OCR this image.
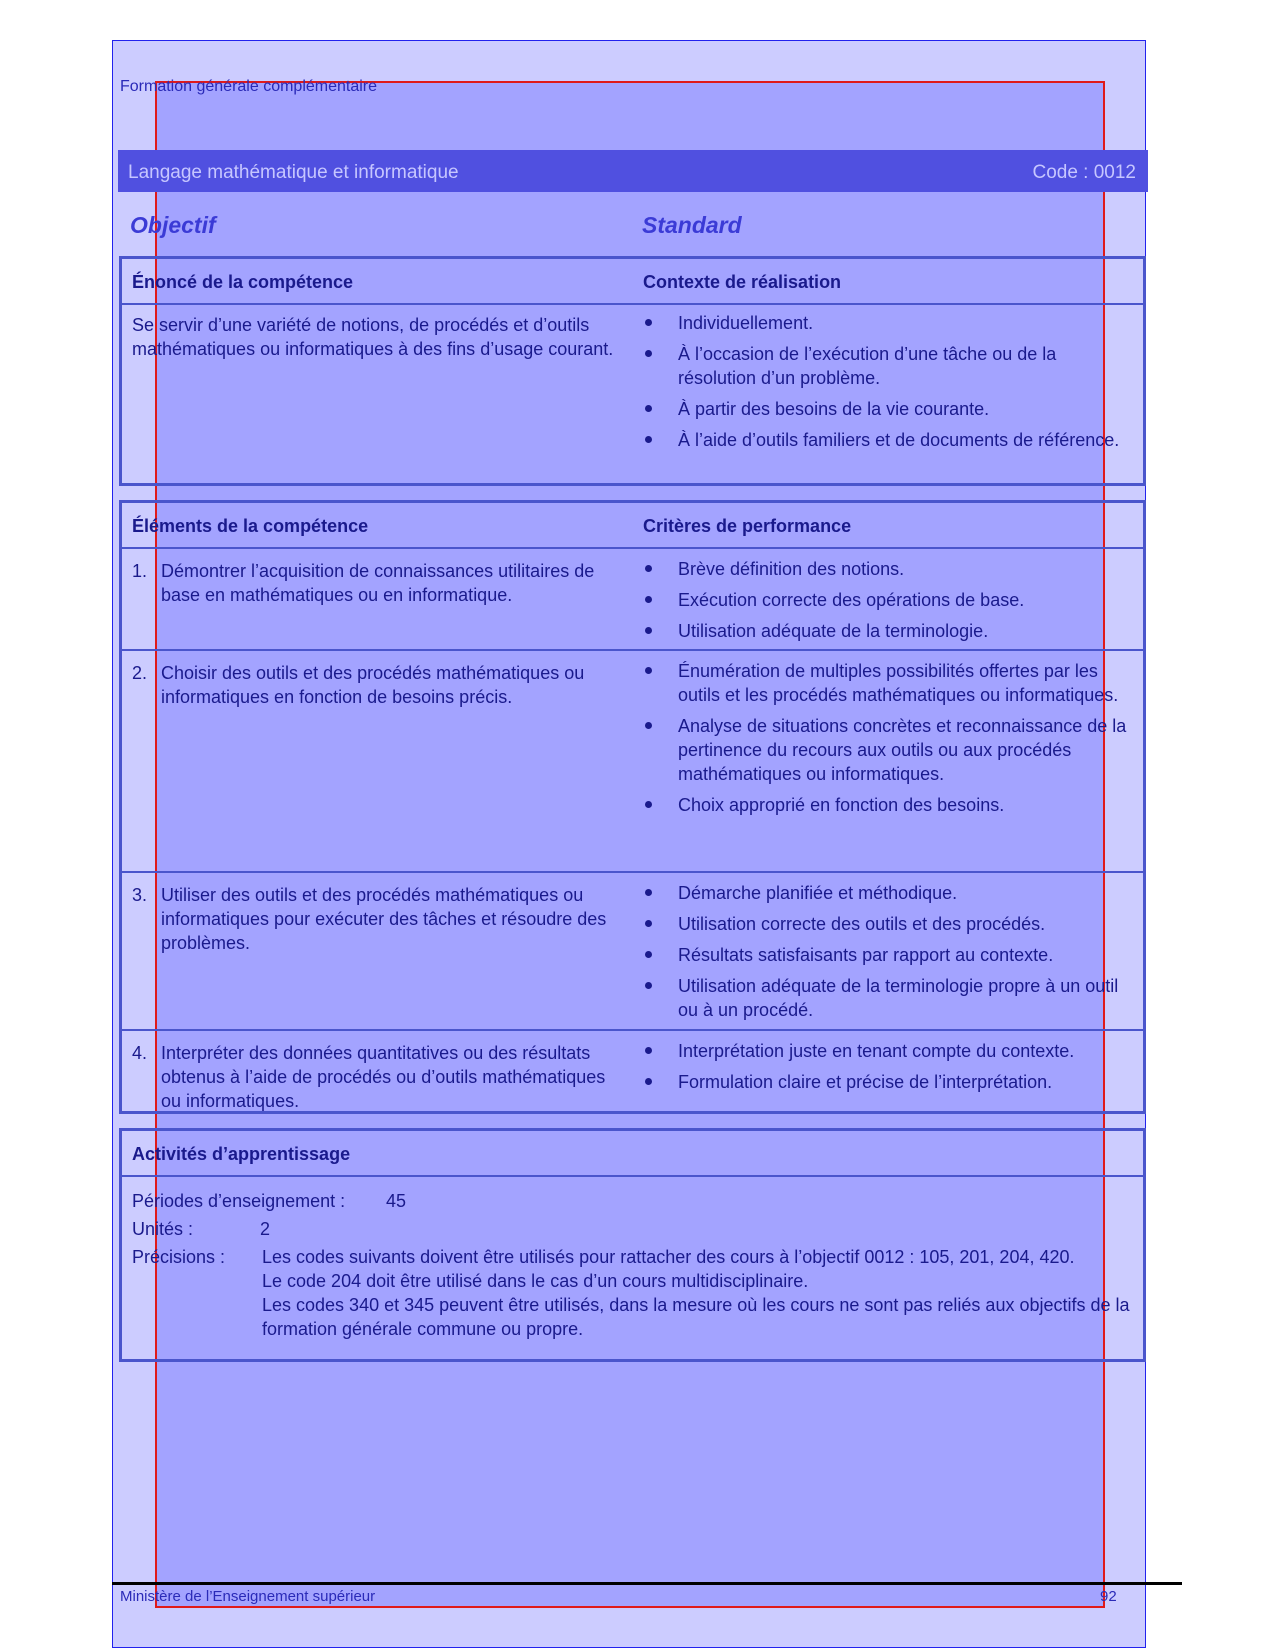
Formation générale complémentaire
Langage mathématique et informatique	Code : 0012
Objectif	Standard
Énoncé de la compétence	Contexte de réalisation
Se servir d’une variété de notions, de procédés et d’outils mathématiques ou informatiques à des fins d’usage courant.
Individuellement.
À l’occasion de l’exécution d’une tâche ou de la résolution d’un problème.
À partir des besoins de la vie courante.
À l’aide d’outils familiers et de documents de référence.
Éléments de la compétence	Critères de performance
1. Démontrer l’acquisition de connaissances utilitaires de base en mathématiques ou en informatique.
Brève définition des notions.
Exécution correcte des opérations de base.
Utilisation adéquate de la terminologie.
2. Choisir des outils et des procédés mathématiques ou informatiques en fonction de besoins précis.
Énumération de multiples possibilités offertes par les outils et les procédés mathématiques ou informatiques.
Analyse de situations concrètes et reconnaissance de la pertinence du recours aux outils ou aux procédés mathématiques ou informatiques.
Choix approprié en fonction des besoins.
3. Utiliser des outils et des procédés mathématiques ou informatiques pour exécuter des tâches et résoudre des problèmes.
Démarche planifiée et méthodique.
Utilisation correcte des outils et des procédés.
Résultats satisfaisants par rapport au contexte.
Utilisation adéquate de la terminologie propre à un outil ou à un procédé.
4. Interpréter des données quantitatives ou des résultats obtenus à l’aide de procédés ou d’outils mathématiques ou informatiques.
Interprétation juste en tenant compte du contexte.
Formulation claire et précise de l’interprétation.
Activités d’apprentissage
Périodes d’enseignement : 45
Unités :	2
Précisions : Les codes suivants doivent être utilisés pour rattacher des cours à l’objectif 0012 : 105, 201, 204, 420.
Le code 204 doit être utilisé dans le cas d’un cours multidisciplinaire.
Les codes 340 et 345 peuvent être utilisés, dans la mesure où les cours ne sont pas reliés aux objectifs de la formation générale commune ou propre.
Ministère de l’Enseignement supérieur	92
